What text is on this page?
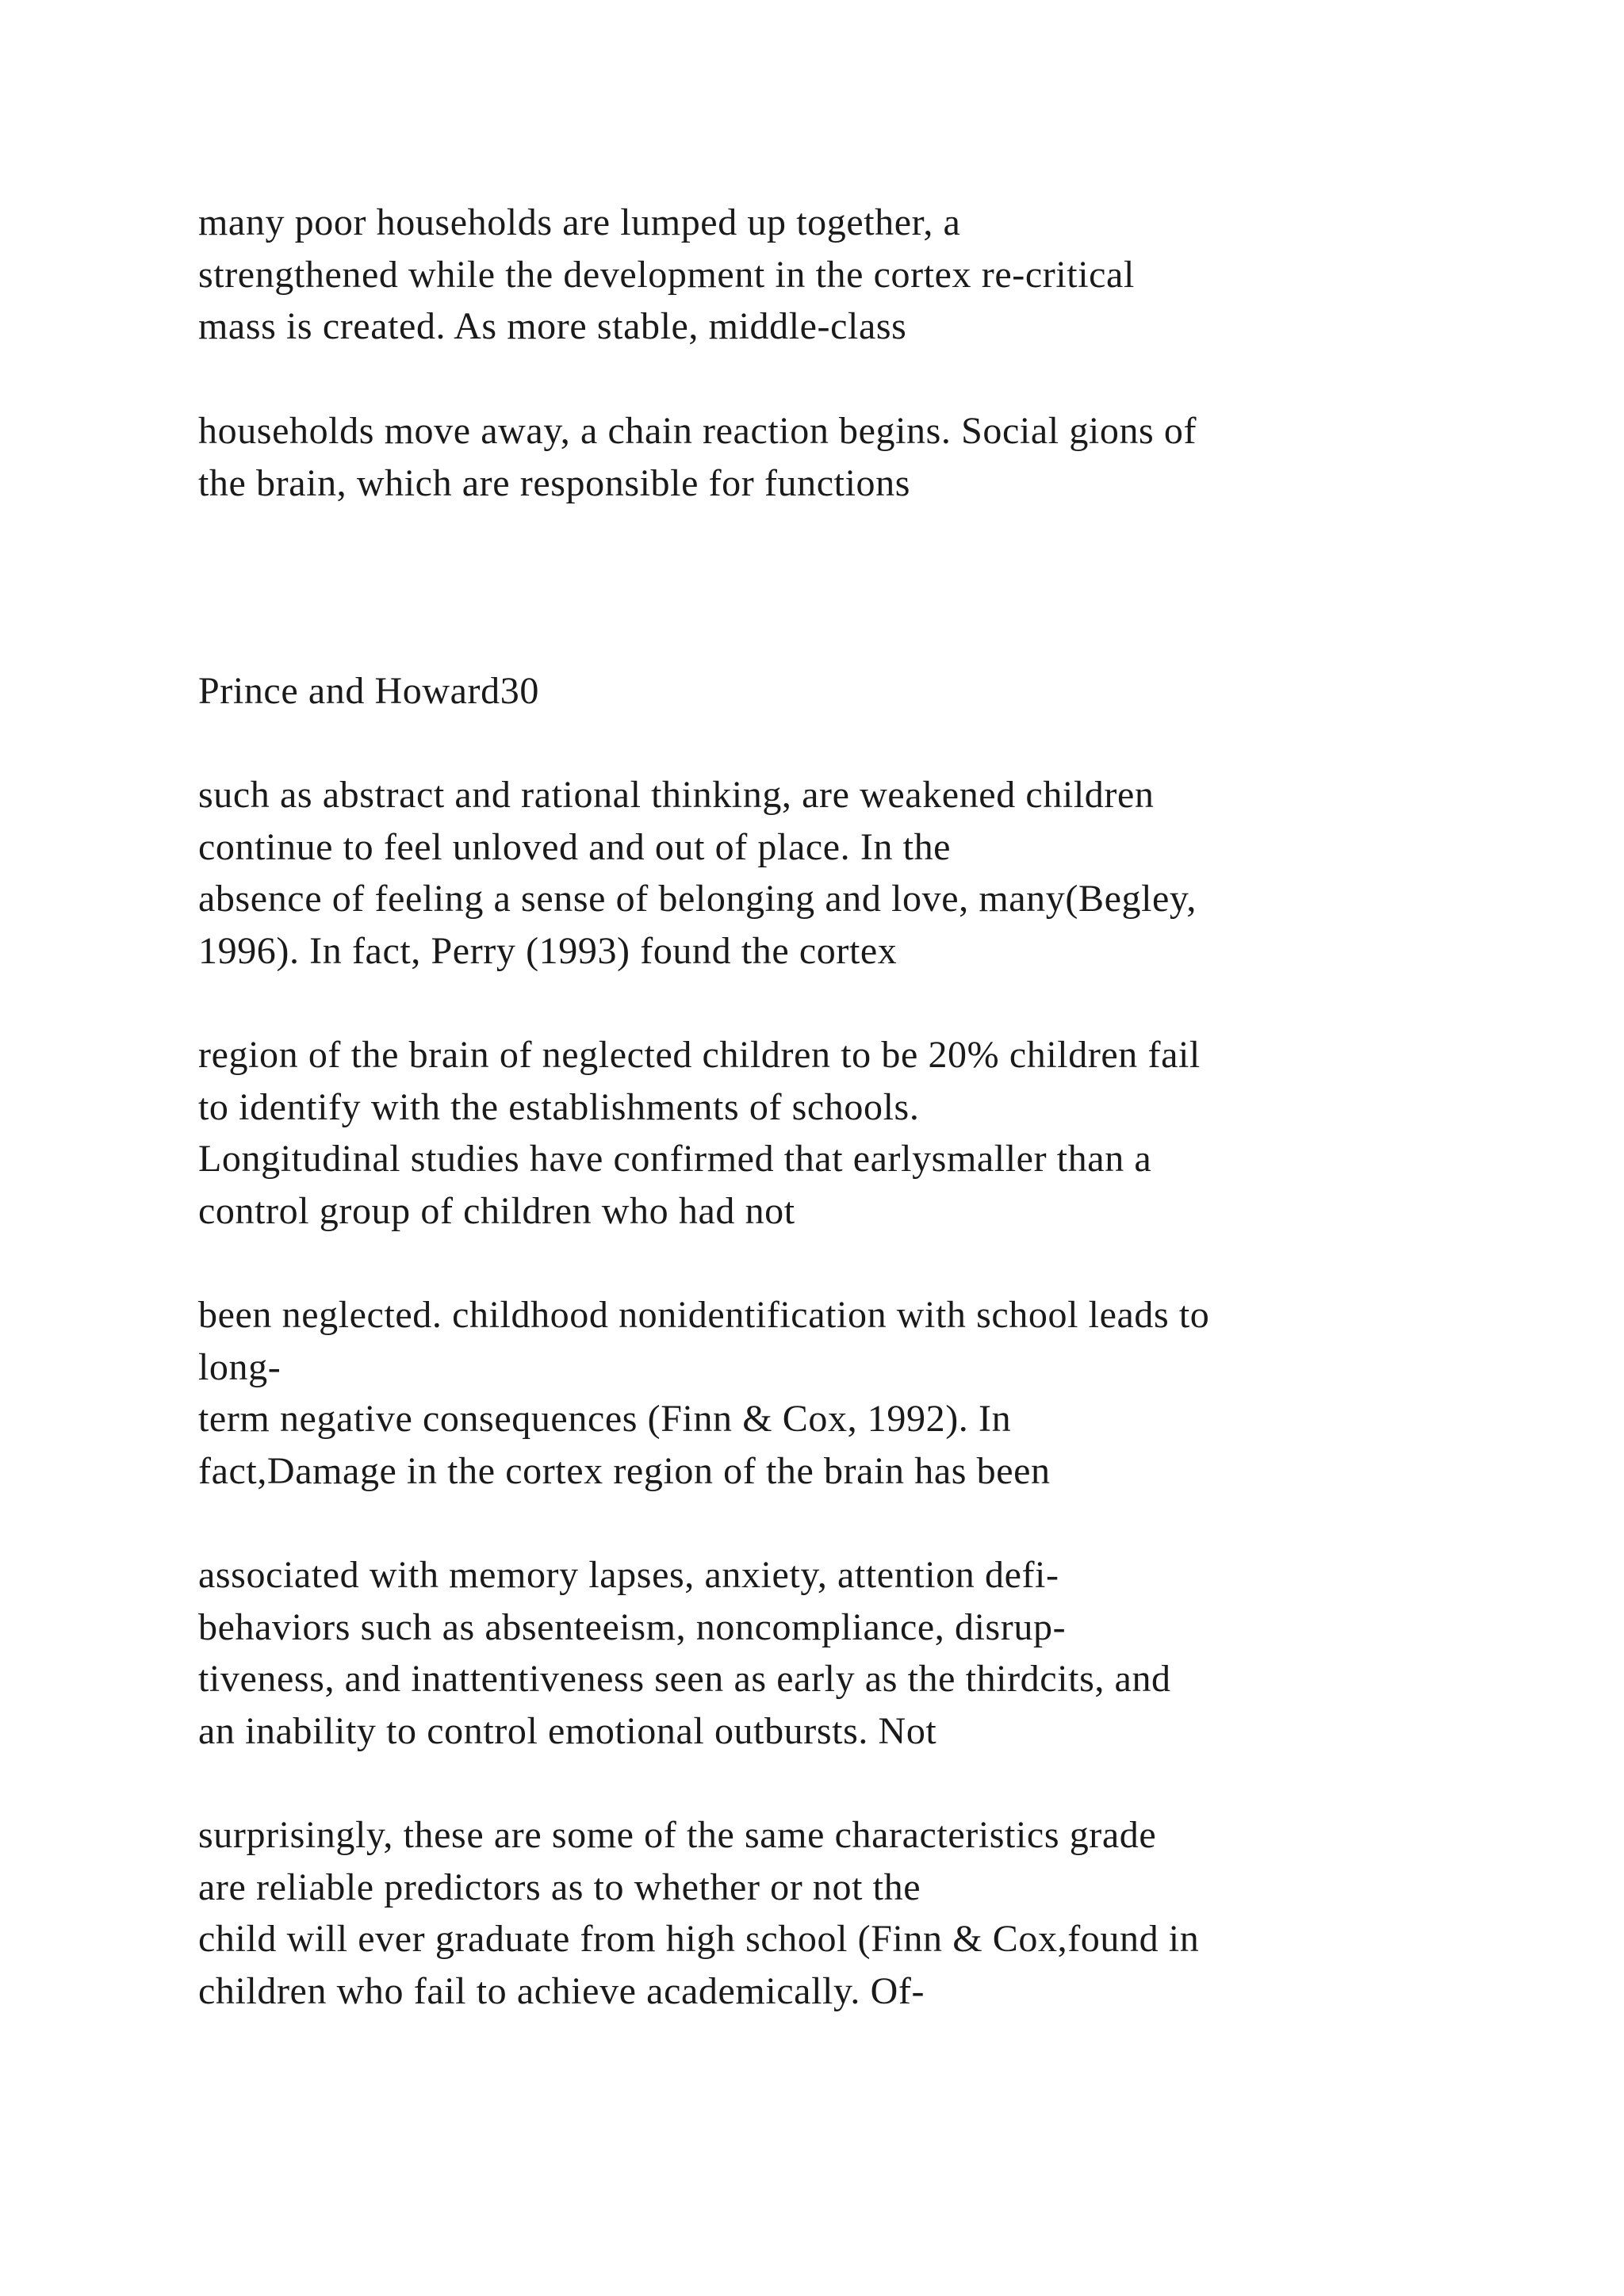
many poor households are lumped up together, a
strengthened while the development in the cortex re-critical
mass is created. As more stable, middle-class
households move away, a chain reaction begins. Social gions of
the brain, which are responsible for functions
Prince and Howard30
such as abstract and rational thinking, are weakened children
continue to feel unloved and out of place. In the
absence of feeling a sense of belonging and love, many(Begley,
1996). In fact, Perry (1993) found the cortex
region of the brain of neglected children to be 20% children fail
to identify with the establishments of schools.
Longitudinal studies have confirmed that earlysmaller than a
control group of children who had not
been neglected. childhood nonidentification with school leads to
long-
term negative consequences (Finn & Cox, 1992). In
fact,Damage in the cortex region of the brain has been
associated with memory lapses, anxiety, attention defi-
behaviors such as absenteeism, noncompliance, disrup-
tiveness, and inattentiveness seen as early as the thirdcits, and
an inability to control emotional outbursts. Not
surprisingly, these are some of the same characteristics grade
are reliable predictors as to whether or not the
child will ever graduate from high school (Finn & Cox,found in
children who fail to achieve academically. Of-
